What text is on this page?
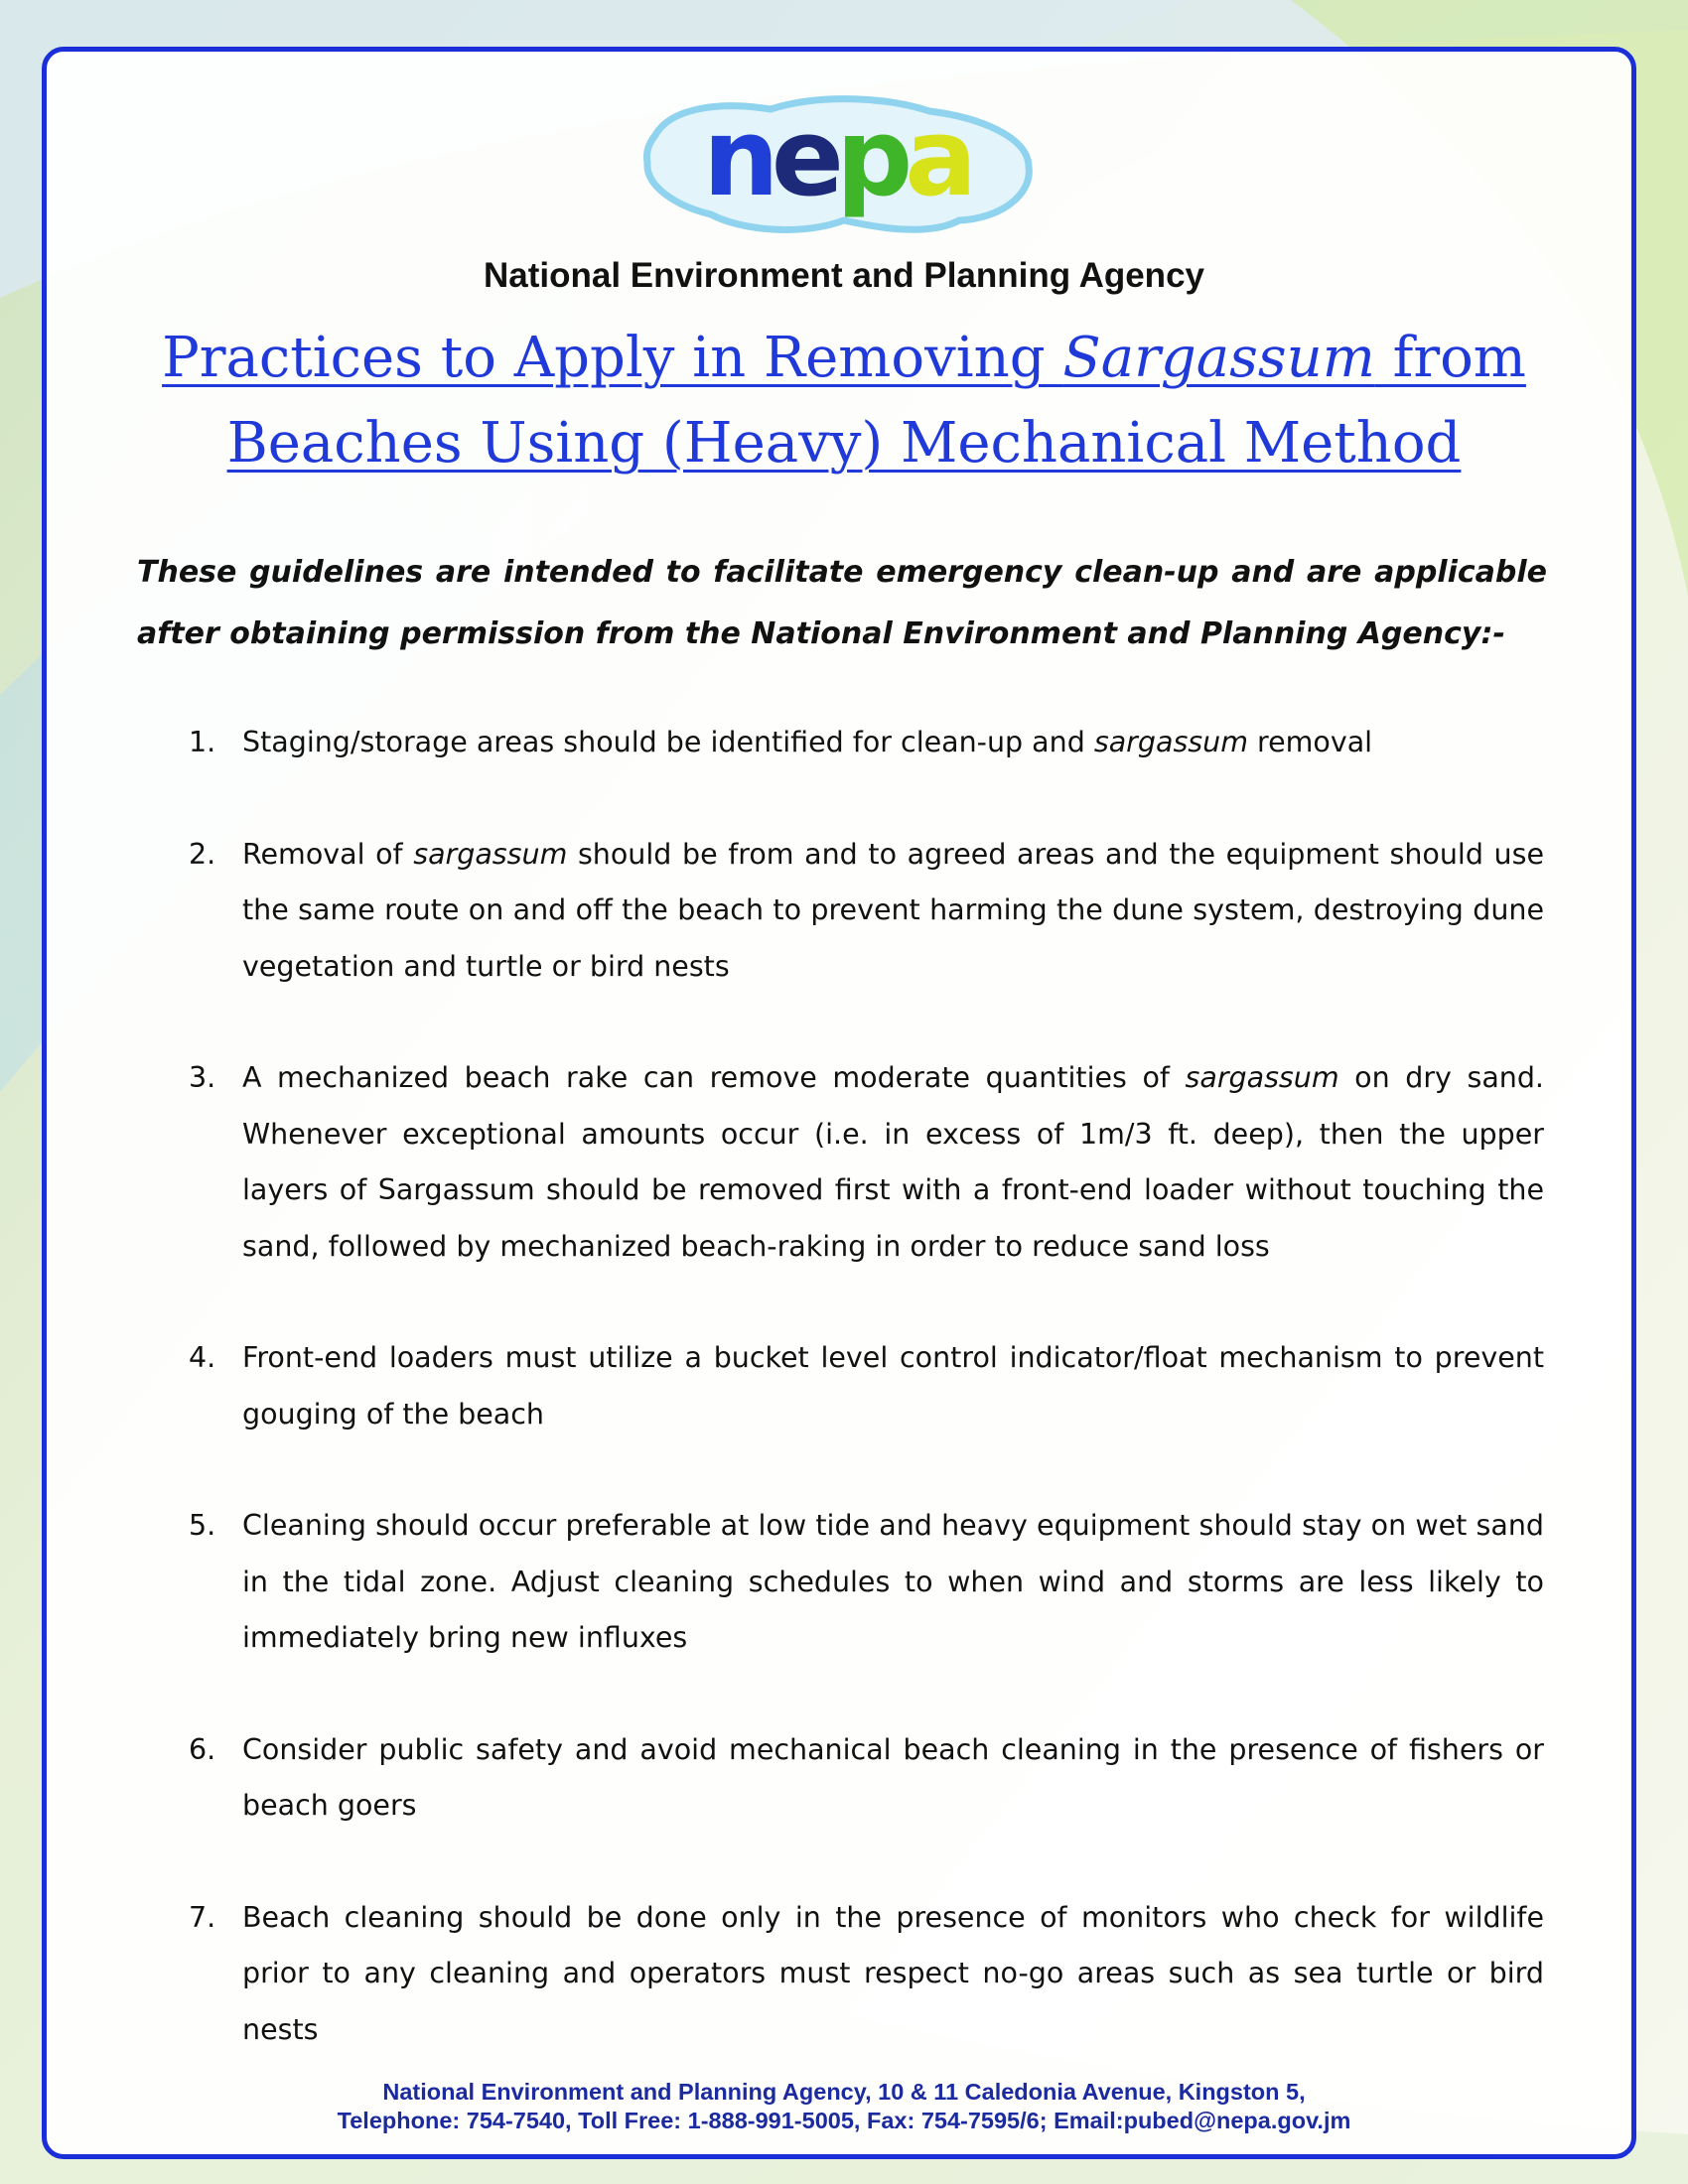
nepa
National Environment and Planning Agency
Practices to Apply in Removing Sargassum from
Beaches Using (Heavy) Mechanical Method
These guidelines are intended to facilitate emergency clean-up and are applicable after obtaining permission from the National Environment and Planning Agency:-
1. Staging/storage areas should be identified for clean-up and sargassum removal
2. Removal of sargassum should be from and to agreed areas and the equipment should use the same route on and off the beach to prevent harming the dune system, destroying dune vegetation and turtle or bird nests
3. A mechanized beach rake can remove moderate quantities of sargassum on dry sand. Whenever exceptional amounts occur (i.e. in excess of 1m/3 ft. deep), then the upper layers of Sargassum should be removed first with a front-end loader without touching the sand, followed by mechanized beach-raking in order to reduce sand loss
4. Front-end loaders must utilize a bucket level control indicator/float mechanism to prevent gouging of the beach
5. Cleaning should occur preferable at low tide and heavy equipment should stay on wet sand in the tidal zone. Adjust cleaning schedules to when wind and storms are less likely to immediately bring new influxes
6. Consider public safety and avoid mechanical beach cleaning in the presence of fishers or beach goers
7. Beach cleaning should be done only in the presence of monitors who check for wildlife prior to any cleaning and operators must respect no-go areas such as sea turtle or bird nests
National Environment and Planning Agency, 10 & 11 Caledonia Avenue, Kingston 5,
Telephone: 754-7540, Toll Free: 1-888-991-5005, Fax: 754-7595/6; Email:pubed@nepa.gov.jm
